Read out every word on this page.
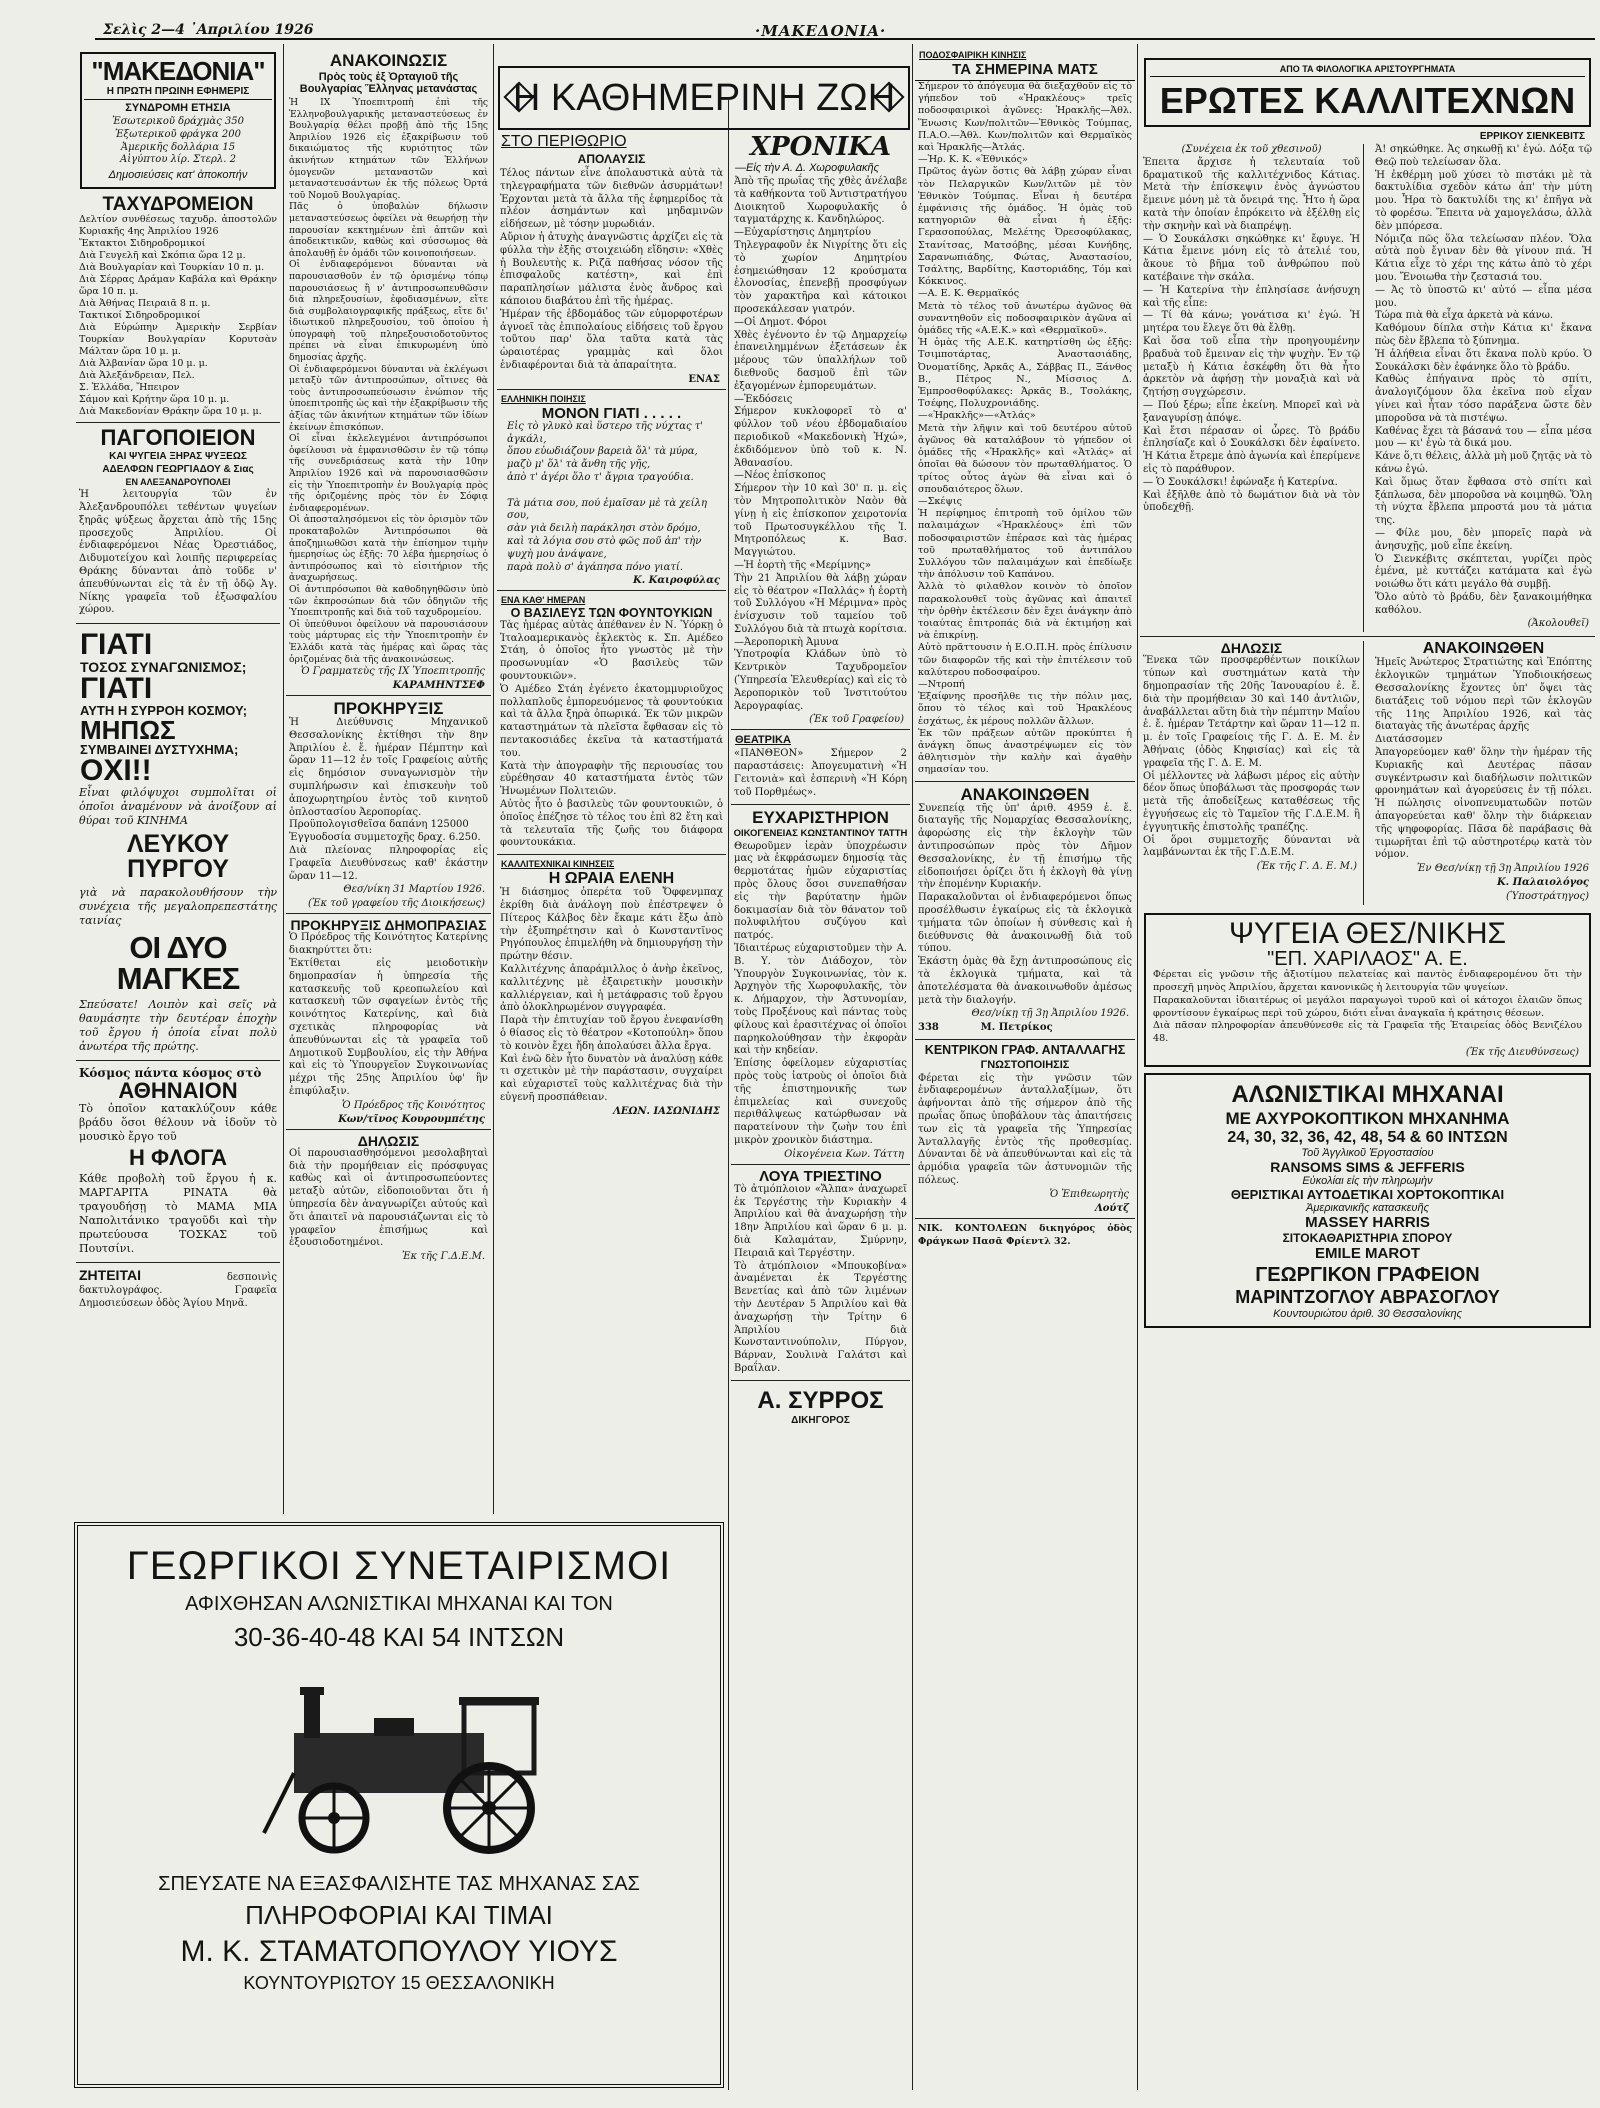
Σελὶς 2—4 ᾿Απριλίου 1926	·ΜΑΚΕΔΟΝΙΑ·

"ΜΑΚΕΔΟΝΙΑ"

Η ΠΡΩΤΗ ΠΡΩΙΝΗ ΕΦΗΜΕΡΙΣ

ΣΥΝΔΡΟΜΗ ΕΤΗΣΙΑ

Ἐσωτερικοῦ δράχμὰς 350
Ἐξωτερικοῦ φράγκα 200
Ἀμερικῆς δολλάρια 15
Αἰγύπτου λίρ. Στερλ. 2

Δημοσιεύσεις κατ' ἀποκοπήν

ΤΑΧΥΔΡΟΜΕΙΟΝ

Δελτίον συνθέσεως ταχυδρ. ἀποστολῶν Κυριακῆς 4ης Ἀπριλίου 1926
Ἔκτακτοι Σιδηροδρομικοί
Διὰ Γευγελῆ καὶ Σκόπια ὥρα 12 μ.
Διὰ Βουλγαρίαν καὶ Τουρκίαν 10 π. μ.
Διὰ Σέρρας Δράμαν Καβάλα καὶ Θράκην ὥρα 10 π. μ.
Διὰ Ἀθήνας Πειραιᾶ 8 π. μ.
Τακτικοί Σιδηροδρομικοί
Διὰ Εὐρώπην Ἀμερικὴν Σερβίαν Τουρκίαν Βουλγαρίαν Κορυτσὰν Μάλταν ὥρα 10 μ. μ.
Διὰ Ἀλβανίαν ὥρα 10 μ. μ.
Διὰ Ἀλεξάνδρειαν, Πελ.
Σ. Ἑλλάδα, Ἤπειρον
Σάμον καὶ Κρήτην ὥρα 10 μ. μ.
Διὰ Μακεδονίαν Θράκην ὥρα 10 μ. μ.

ΠΑΓΟΠΟΙΕΙΟΝ

ΚΑΙ ΨΥΓΕΙΑ ΞΗΡΑΣ ΨΥΞΕΩΣ

ΑΔΕΛΦΩΝ ΓΕΩΡΓΙΑΔΟΥ & Σιας

ΕΝ ΑΛΕΞΑΝΔΡΟΥΠΟΛΕΙ

Ἡ λειτουργία τῶν ἐν Ἀλεξανδρουπόλει τεθέντων ψυγείων ξηρᾶς ψύξεως ἄρχεται ἀπὸ τῆς 15ης προσεχοῦς Ἀπριλίου. Οἱ ἐνδιαφερόμενοι Νέας Ὀρεστιάδος, Διδυμοτείχου καὶ λοιπῆς περιφερείας Θράκης δύνανται ἀπὸ τοῦδε ν' ἀπευθύνωνται εἰς τὰ ἐν τῇ ὁδῷ Ἀγ. Νίκης γραφεῖα τοῦ ἐξωσφαλίου χώρου.

ΓΙΑΤΙ

ΤΟΣΟΣ ΣΥΝΑΓΩΝΙΣΜΟΣ;

ΓΙΑΤΙ

ΑΥΤΗ Η ΣΥΡΡΟΗ ΚΟΣΜΟΥ;

ΜΗΠΩΣ

ΣΥΜΒΑΙΝΕΙ ΔΥΣΤΥΧΗΜΑ;

ΟΧΙ!!

Εἶναι φιλόψυχοι συμπολῖται οἱ ὁποῖοι ἀναμένουν νὰ ἀνοίξουν αἱ θύραι τοῦ ΚΙΝΗΜΑ

ΛΕΥΚΟΥ ΠΥΡΓΟΥ

γιὰ νὰ παρακολουθήσουν τὴν συνέχεια τῆς μεγαλοπρεπεστάτης ταινίας

ΟΙ ΔΥΟ ΜΑΓΚΕΣ

Σπεύσατε! Λοιπὸν καὶ σεῖς νὰ θαυμάσητε τὴν δευτέραν ἐποχὴν τοῦ ἔργου ἡ ὁποία εἶναι πολὺ ἀνωτέρα τῆς πρώτης.

Κόσμος πάντα κόσμος στὸ

ΑΘΗΝΑΙΟΝ

Τὸ ὁποῖον κατακλύζουν κάθε βράδυ ὅσοι θέλουν νὰ ἰδοῦν τὸ μουσικὸ ἔργο τοῦ

Η ΦΛΟΓΑ

Κάθε προβολὴ τοῦ ἔργου ἡ κ. ΜΑΡΓΑΡΙΤΑ ΡΙΝΑΤΑ θὰ τραγουδήσῃ τὸ ΜΑΜΑ ΜΙΑ Ναπολιτάνικο τραγοῦδι καὶ τὴν πρωτεύουσα ΤΟΣΚΑΣ τοῦ Πουτσίνι.

ΖΗΤΕΙΤΑΙ	δεσποινὶς δακτυλογράφος. Γραφεῖα Δημοσιεύσεων ὁδὸς Ἁγίου Μηνᾶ.

ΑΝΑΚΟΙΝΩΣΙΣ

Πρὸς τοὺς ἐξ Ὀρταγιοῦ τῆς Βουλγαρίας Ἕλληνας μετανάστας

Ἡ ΙΧ Ὑποεπιτροπὴ ἐπὶ τῆς Ἑλληνοβουλγαρικῆς μεταναστεύσεως ἐν Βουλγαρίᾳ θέλει προβῇ ἀπὸ τῆς 15ης Ἀπριλίου 1926 εἰς ἐξακρίβωσιν τοῦ δικαιώματος τῆς κυριότητος τῶν ἀκινήτων κτημάτων τῶν Ἑλλήνων ὁμογενῶν μεταναστῶν καὶ μεταναστευσάντων ἐκ τῆς πόλεως Ὀρτά τοῦ Νομοῦ Βουλγαρίας.
Πᾶς ὁ ὑποβαλὼν δήλωσιν μεταναστεύσεως ὀφείλει νὰ θεωρήσῃ τὴν παρουσίαν κεκτημένων ἐπὶ ἀπτῶν καὶ ἀποδεικτικῶν, καθὼς καὶ σύσσωμος θὰ ἀπολαυθῇ ἐν ὁμάδι τῶν κοινοποιήσεων.
Οἱ ἐνδιαφερόμενοι δύνανται νὰ παρουσιασθοῦν ἐν τῷ ὁρισμένῳ τόπῳ παρουσιάσεως ἢ ν' ἀντιπροσωπευθῶσιν διὰ πληρεξουσίων, ἐφοδιασμένων, εἴτε διὰ συμβολαιογραφικῆς πράξεως, εἴτε δι' ἰδιωτικοῦ πληρεξουσίου, τοῦ ὁποίου ἡ ὑπογραφὴ τοῦ πληρεξουσιοδοτοῦντος πρέπει νὰ εἶναι ἐπικυρωμένη ὑπὸ δημοσίας ἀρχῆς.
Οἱ ἐνδιαφερόμενοι δύνανται νὰ ἐκλέγωσι μεταξὺ τῶν ἀντιπροσώπων, οἵτινες θὰ τοὺς ἀντιπροσωπεύσωσιν ἐνώπιον τῆς ὑποεπιτροπῆς ὡς καὶ τὴν ἐξακρίβωσιν τῆς ἀξίας τῶν ἀκινήτων κτημάτων τῶν ἰδίων ἐκείνων ἐπισκόπων.
Οἱ εἶναι ἐκλελεγμένοι ἀντιπρόσωποι ὀφείλουσι νὰ ἐμφανισθῶσιν ἐν τῷ τόπῳ τῆς συνεδριάσεως κατὰ τὴν 10ην Ἀπριλίου 1926 καὶ νὰ παρουσιασθῶσιν εἰς τὴν Ὑποεπιτροπὴν ἐν Βουλγαρίᾳ πρὸς τῆς ὀριζομένης πρὸς τὸν ἐν Σόφιᾳ ἐνδιαφερομένων.
Οἱ ἀποσταλησόμενοι εἰς τὸν ὁρισμὸν τῶν προκαταβολῶν Ἀντιπρόσωποι θὰ ἀποζημιωθῶσι κατὰ τὴν ἐπίσημον τιμὴν ἡμερησίως ὡς ἑξῆς: 70 λέβα ἡμερησίως ὁ ἀντιπρόσωπος καὶ τὸ εἰσιτήριον τῆς ἀναχωρήσεως.
Οἱ ἀντιπρόσωποι θὰ καθοδηγηθῶσιν ὑπὸ τῶν ἐκπροσώπων διὰ τῶν ὁδηγιῶν τῆς Ὑποεπιτροπῆς καὶ διὰ τοῦ ταχυδρομείου.
Οἱ ὑπεύθυνοι ὀφείλουν νὰ παρουσιάσουν τοὺς μάρτυρας εἰς τὴν Ὑποεπιτροπὴν ἐν Ἐλλάδι κατὰ τὰς ἡμέρας καὶ ὥρας τὰς ὁριζομένας διὰ τῆς ἀνακοινώσεως.

Ὁ Γραμματεὺς τῆς ΙΧ Ὑποεπιτροπῆς

ΚΑΡΑΜΗΝΤΣΕΦ

ΠΡΟΚΗΡΥΞΙΣ

Ἡ Διεύθυνσις Μηχανικοῦ Θεσσαλονίκης ἐκτίθησι τὴν 8ην Ἀπριλίου ἐ. ἔ. ἡμέραν Πέμπτην καὶ ὥραν 11—12 ἐν τοῖς Γραφείοις αὐτῆς εἰς δημόσιον συναγωνισμὸν τὴν συμπλήρωσιν καὶ ἐπισκευὴν τοῦ ἀποχωρητηρίου ἐντὸς τοῦ κινητοῦ ὁπλοστασίου Ἀεροπορίας.
Προϋπολογισθεῖσα δαπάνη 125000
Ἐγγυοδοσία συμμετοχῆς δραχ. 6.250.
Διὰ πλείονας πληροφορίας εἰς Γραφεῖα Διευθύνσεως καθ' ἑκάστην ὥραν 11—12.

Θεσ/νίκη 31 Μαρτίου 1926.

(Ἐκ τοῦ γραφείου τῆς Διοικήσεως)

ΠΡΟΚΗΡΥΞΙΣ ΔΗΜΟΠΡΑΣΙΑΣ

Ὁ Πρόεδρος τῆς Κοινότητος Κατερίνης διακηρύττει ὅτι:
Ἐκτίθεται εἰς μειοδοτικὴν δημοπρασίαν ἡ ὑπηρεσία τῆς κατασκευῆς τοῦ κρεοπωλείου καὶ κατασκευὴ τῶν σφαγείων ἐντὸς τῆς κοινότητος Κατερίνης, καὶ διὰ σχετικὰς πληροφορίας νὰ ἀπευθύνωνται εἰς τὰ γραφεῖα τοῦ Δημοτικοῦ Συμβουλίου, εἰς τὴν Ἀθήνα καὶ εἰς τὸ Ὑπουργεῖον Συγκοινωνίας μέχρι τῆς 25ης Ἀπριλίου ὑφ' ἣν ἐπιφύλαξιν.

Ὁ Πρόεδρος τῆς Κοινότητος

Κων/τῖνος Κουρουμπέτης

ΔΗΛΩΣΙΣ

Οἱ παρουσιασθησόμενοι μεσολαβηταὶ διὰ τὴν προμήθειαν εἰς πρόσφυγας καθὼς καὶ οἱ ἀντιπροσωπεύοντες μεταξὺ αὐτῶν, εἰδοποιοῦνται ὅτι ἡ ὑπηρεσία δὲν ἀναγνωρίζει αὐτούς καὶ ὅτι ἀπαιτεῖ νὰ παρουσιάζωνται εἰς τὸ γραφεῖον ἐπισήμως καὶ ἐξουσιοδοτημένοι.

Ἐκ τῆς Γ.Δ.Ε.Μ.

Η ΚΑΘΗΜΕΡΙΝΗ ΖΩΗ

ΣΤΟ ΠΕΡΙΘΩΡΙΟ

ΑΠΟΛΑΥΣΙΣ

Τέλος πάντων εἶνε ἀπολαυστικὰ αὐτὰ τὰ τηλεγραφήματα τῶν διεθνῶν ἀσυρμάτων! Ἐρχονται μετὰ τὰ ἄλλα τῆς ἐφημερίδος τὰ πλέον ἀσημάντων καὶ μηδαμινῶν εἰδήσεων, μὲ τόσην μυρωδιάν.
Αὔριον ἡ ἀτυχὴς ἀναγνῶστις ἀρχίζει εἰς τὰ φύλλα τὴν ἐξῆς στοιχειώδη εἴδησιν: «Χθὲς ἡ Βουλευτὴς κ. Ριζᾶ παθήσας νόσον τῆς ἐπισφαλοῦς κατέστη», καὶ ἐπὶ παραπλησίων μάλιστα ἐνὸς ἄνδρος καὶ κάποιου διαβάτου ἐπὶ τῆς ἡμέρας.
Ἡμέραν τῆς ἑβδομάδος τῶν εὐμορφοτέρων ἀγνοεῖ τὰς ἐπιπολαίους εἰδήσεις τοῦ ἔργου τοῦτου παρ' ὅλα ταῦτα κατὰ τὰς ὡραιοτέρας γραμμὰς καὶ ὅλοι ἐνδιαφέρονται διὰ τὰ ἀπαραίτητα.

ΕΝΑΣ

ΕΛΛΗΝΙΚΗ ΠΟΙΗΣΙΣ

ΜΟΝΟΝ ΓΙΑΤΙ . . . . .

Εἰς τὸ γλυκὸ καὶ ὕστερο τῆς νύχτας τ' ἀγκάλι,
ὅπου εὐωδιάζουν βαρειὰ ὅλ' τὰ μύρα,
μαζὺ μ' ὅλ' τὰ ἄνθη τῆς γῆς,
ἀπὸ τ' ἀγέρι ὅλο τ' ἄγρια τραγούδια.

Τὰ μάτια σου, πού ἐμαῖσαν μὲ τὰ χείλη σου,
σὰν γιὰ δειλὴ παράκλησι στὸν δρόμο,
καὶ τὰ λόγια σου στὸ φῶς ποῦ ἀπ' τὴν ψυχὴ μου ἀνάψανε,
παρὰ πολὺ σ' ἀγάπησα πόνο γιατί.

Κ. Καιροφύλας

ΕΝΑ ΚΑΘ' ΗΜΕΡΑΝ

Ο ΒΑΣΙΛΕΥΣ ΤΩΝ ΦΟΥΝΤΟΥΚΙΩΝ

Τὰς ἡμέρας αὐτὰς ἀπέθανεν ἐν Ν. Ὑόρκῃ ὁ Ἰταλοαμερικανὸς ἐκλεκτὸς κ. Σπ. Αμέδεο Στάη, ὁ ὁποῖος ἦτο γνωστὸς μὲ τὴν προσωνυμίαν «Ὁ βασιλεὺς τῶν φουντουκιῶν».
Ὁ Αμέδεο Στάη ἐγένετο ἑκατομμυριοῦχος πολλαπλοῦς ἐμπορευόμενος τὰ φουντούκια καὶ τὰ ἄλλα ξηρὰ ὀπωρικά. Ἐκ τῶν μικρῶν καταστημάτων τὰ πλεῖστα ἔφθασαν εἰς τὸ πεντακοσιάδες ἐκεῖνα τὰ καταστήματά του.
Κατὰ τὴν ἀπογραφὴν τῆς περιουσίας του εὑρέθησαν 40 καταστήματα ἐντὸς τῶν Ἡνωμένων Πολιτειῶν.
Αὐτὸς ἦτο ὁ βασιλεὺς τῶν φουντουκιῶν, ὁ ὁποῖος ἐπέζησε τὸ τέλος του ἐπὶ 82 ἔτη καὶ τὰ τελευταῖα τῆς ζωῆς του διάφορα φουντουκάκια.

ΚΑΛΛΙΤΕΧΝΙΚΑΙ ΚΙΝΗΣΕΙΣ

Η ΩΡΑΙΑ ΕΛΕΝΗ

Ἡ διάσημος ὀπερέτα τοῦ Ὄφφενμπαχ ἐκρίθη διὰ ἀνάλογη ποὺ ἐπέστρεψεν ὁ Πίτερος Κάλβος δὲν ἔκαμε κάτι ἔξω ἀπὸ τὴν ἐξυπηρέτησιν καὶ ὁ Κωνσταντῖνος Ρηγόπουλος ἐπιμελήθη νὰ δημιουργήσῃ τὴν πρώτην θέσιν.
Καλλιτέχνης ἀπαράμιλλος ὁ ἀνὴρ ἐκεῖνος, καλλιτέχνης μὲ ἐξαιρετικὴν μουσικὴν καλλιέργειαν, καὶ ἡ μετάφρασις τοῦ ἔργου ἀπὸ ὁλοκληρωμένον συγγραφέα.
Παρὰ τὴν ἐπιτυχίαν τοῦ ἔργου ἐνεφανίσθη ὁ θίασος εἰς τὸ θέατρον «Κοτοπούλη» ὅπου τὸ κοινὸν ἔχει ἤδη ἀπολαύσει ἄλλα ἔργα.
Καὶ ἐνῶ δὲν ἦτο δυνατὸν νὰ ἀναλύσῃ κάθε τι σχετικὸν μὲ τὴν παράστασιν, συγχαίρει καὶ εὐχαριστεῖ τοὺς καλλιτέχνας διὰ τὴν εὐγενῆ προσπάθειαν.

ΛΕΩΝ. ΙΑΣΩΝΙΔΗΣ

ΧΡΟΝΙΚΑ

—Εἰς τὴν Α. Δ. Χωροφυλακῆς

Ἀπὸ τῆς πρωΐας τῆς χθὲς ἀνέλαβε τὰ καθήκοντα τοῦ Ἀντιστρατήγου Διοικητοῦ Χωροφυλακῆς ὁ ταγματάρχης κ. Κανδηλώρος.
—Εὐχαρίστησις Δημητρίου
Τηλεγραφοῦν ἐκ Νιγρίτης ὅτι εἰς τὸ χωρίον Δημητρίου ἐσημειώθησαν 12 κρούσματα ἐλονοσίας, ἐπενεβῇ προσφύγων τὸν χαρακτῆρα καὶ κάτοικοι προσεκάλεσαν γιατρόν.
—Οἱ Δημοτ. Φόροι
Χθὲς ἐγένοντο ἐν τῷ Δημαρχείῳ ἐπανειλημμένων ἐξετάσεων ἐκ μέρους τῶν ὑπαλλήλων τοῦ διεθνοῦς δασμοῦ ἐπὶ τῶν ἐξαγομένων ἐμπορευμάτων.
—Ἐκδόσεις
Σήμερον κυκλοφορεῖ τὸ α' φύλλον τοῦ νέου ἑβδομαδιαίου περιοδικοῦ «Μακεδονικὴ Ἠχώ», ἐκδιδόμενον ὑπὸ τοῦ κ. Ν. Ἀθανασίου.
—Νέος ἐπίσκοπος
Σήμερον τὴν 10 καὶ 30' π. μ. εἰς τὸν Μητροπολιτικὸν Ναὸν θὰ γίνῃ ἡ εἰς ἐπίσκοπον χειροτονία τοῦ Πρωτοσυγκέλλου τῆς Ἱ. Μητροπόλεως κ. Βασ. Μαγγιώτου.
—Ἡ ἑορτὴ τῆς «Μερίμνης»
Τὴν 21 Ἀπριλίου θὰ λάβῃ χώραν εἰς τὸ θέατρον «Παλλάς» ἡ ἑορτὴ τοῦ Συλλόγου «Ἡ Μέριμνα» πρὸς ἐνίσχυσιν τοῦ ταμείου τοῦ Συλλόγου διὰ τὰ πτωχὰ κορίτσια.
—Ἀεροπορικὴ Ἀμυνα
Ὑποτροφία Κλάδων ὑπὸ τὸ Κεντρικὸν Ταχυδρομεῖον (Ὑπηρεσία Ἐλευθερίας) καὶ εἰς τὸ Ἀεροπορικὸν τοῦ Ἰνστιτούτου Ἀερογραφίας.

(Ἐκ τοῦ Γραφείου)

ΘΕΑΤΡΙΚΑ

«ΠΑΝΘΕΟΝ» Σήμερον 2 παραστάσεις: Ἀπογευματινὴ «Ἡ Γειτονιὰ» καὶ ἑσπερινὴ «Ἡ Κόρη τοῦ Πορθμέως».

ΕΥΧΑΡΙΣΤΗΡΙΟΝ

ΟΙΚΟΓΕΝΕΙΑΣ ΚΩΝΣΤΑΝΤΙΝΟΥ ΤΑΤΤΗ

Θεωροῦμεν ἱερὰν ὑποχρέωσιν μας νὰ ἐκφράσωμεν δημοσίᾳ τὰς θερμοτάτας ἡμῶν εὐχαριστίας πρὸς ὅλους ὅσοι συνεπαθήσαν εἰς τὴν βαρύτατην ἡμῶν δοκιμασίαν διὰ τὸν θάνατον τοῦ πολυφιλήτου συζύγου καὶ πατρός.
Ἰδιαιτέρως εὐχαριστοῦμεν τὴν Α. Β. Υ. τὸν Διάδοχον, τὸν Ὑπουργὸν Συγκοινωνίας, τὸν κ. Ἀρχηγὸν τῆς Χωροφυλακῆς, τὸν κ. Δήμαρχον, τὴν Ἀστυνομίαν, τοὺς Προξένους καὶ πάντας τοὺς φίλους καὶ ἐρασιτέχνας οἱ ὁποῖοι παρηκολούθησαν τὴν ἐκφορὰν καὶ τὴν κηδείαν.
Ἐπίσης ὀφείλομεν εὐχαριστίας πρὸς τοὺς ἰατροὺς οἱ ὁποῖοι διὰ τῆς ἐπιστημονικῆς των ἐπιμελείας καὶ συνεχοῦς περιθάλψεως κατώρθωσαν νὰ παρατείνουν τὴν ζωὴν του ἐπὶ μικρὸν χρονικὸν διάστημα.

Οἰκογένεια Κων. Τάττη

ΛΟΥΑ ΤΡΙΕΣΤΙΝΟ

Τὸ ἀτμόπλοιον «Ἄλπα» ἀναχωρεῖ ἐκ Τεργέστης τὴν Κυριακὴν 4 Ἀπριλίου καὶ θὰ ἀναχωρήσῃ τὴν 18ην Ἀπριλίου καὶ ὥραν 6 μ. μ. διὰ Καλαμάταν, Σμύρνην, Πειραιᾶ καὶ Τεργέστην.
Τὸ ἀτμόπλοιον «Μπουκοβίνα» ἀναμένεται ἐκ Τεργέστης Βενετίας καὶ ἀπὸ τῶν λιμένων τὴν Δευτέραν 5 Ἀπριλίου καὶ θὰ ἀναχωρήσῃ τὴν Τρίτην 6 Ἀπριλίου διὰ Κωνσταντινούπολιν, Πύργον, Βάρναν, Σουλινὰ Γαλάτσι καὶ Βραΐλαν.

Α. ΣΥΡΡΟΣ

ΔΙΚΗΓΟΡΟΣ

ΠΟΔΟΣΦΑΙΡΙΚΗ ΚΙΝΗΣΙΣ

ΤΑ ΣΗΜΕΡΙΝΑ ΜΑΤΣ

Σήμερον τὸ ἀπόγευμα θὰ διεξαχθοῦν εἰς τὸ γήπεδον τοῦ «Ἡρακλέους» τρεῖς ποδοσφαιρικοὶ ἀγῶνες: Ἡρακλῆς—Ἀθλ. Ἕνωσις Κων/πολιτῶν—Ἐθνικὸς Τούμπας, Π.Α.Ο.—Ἀθλ. Κων/πολιτῶν καὶ Θερμαϊκὸς καὶ Ἡρακλῆς—Ἀτλάς.
—Ἡρ. Κ. Κ. «Ἐθνικός»
Πρῶτος ἀγὼν ὅστις θὰ λάβῃ χώραν εἶναι τὸν Πελαργικῶν Κων/λιτῶν μὲ τὸν Ἐθνικὸν Τούμπας. Εἶναι ἡ δευτέρα ἐμφάνισις τῆς ὁμάδος. Ἡ ὁμὰς τοῦ κατηγοριῶν θὰ εἶναι ἡ ἑξῆς: Γερασοπούλας, Μελέτης Ὀρεσοφύλακας, Στανίτσας, Ματσόβης, μέσαι Κυνήδης, Σαρανωπιάδης, Φώτας, Ἀναστασίου, Τσάλτης, Βαρδίτης, Καστοριάδης, Τόμ καὶ Κόκκινος.
—Α. Ε. Κ. Θερμαϊκός
Μετὰ τὸ τέλος τοῦ ἀνωτέρω ἀγῶνος θὰ συναντηθοῦν εἰς ποδοσφαιρικὸν ἀγῶνα αἱ ὁμάδες τῆς «Α.Ε.Κ.» καὶ «Θερμαϊκοῦ».
Ἡ ὁμὰς τῆς Α.Ε.Κ. κατηρτίσθη ὡς ἑξῆς: Τσιμποτάρτας, Ἀναστασιάδης, Ὀνοματίδης, Ἀρκᾶς Α., Σάββας Π., Ξάνθος Β., Πέτρος Ν., Μίσσιος Δ. Ἐμπροσθοφύλακες: Ἀρκᾶς Β., Τσολάκης, Τσέφης, Πολυχρονιάδης.
—«Ἡρακλῆς»—«Ἀτλάς»
Μετὰ τὴν λῆψιν καὶ τοῦ δευτέρου αὐτοῦ ἀγῶνος θὰ καταλάβουν τὸ γήπεδον οἱ ὁμάδες τῆς «Ἡρακλῆς» καὶ «Ἀτλάς» αἱ ὁποῖαι θὰ δώσουν τὸν πρωταθλήματος. Ὁ τρίτος οὗτος ἀγὼν θὰ εἶναι καὶ ὁ σπουδαιότερος ὅλων.
—Σκέψις
Ἡ περίφημος ἐπιτροπὴ τοῦ ὁμίλου τῶν παλαιμάχων «Ἡρακλέους» ἐπὶ τῶν ποδοσφαιριστῶν ἐπέρασε καὶ τὰς ἡμέρας τοῦ πρωταθλήματος τοῦ ἀντιπάλου Συλλόγου τῶν παλαιμάχων καὶ ἐπεδίωξε τὴν ἀπόλυσιν τοῦ Καπάνου.
Ἀλλὰ τὸ φιλαθλον κοινὸν τὸ ὁποῖον παρακολουθεῖ τοὺς ἀγῶνας καὶ ἀπαιτεῖ τὴν ὀρθὴν ἐκτέλεσιν δὲν ἔχει ἀνάγκην ἀπὸ τοιαύτας ἐπιτροπάς διὰ νὰ ἐκτιμήσῃ καὶ νὰ ἐπικρίνῃ.
Αὐτὸ πρᾶττουσιν ἡ Ε.Ο.Π.Η. πρὸς ἐπίλυσιν τῶν διαφορῶν τῆς καὶ τὴν ἐπιτέλεσιν τοῦ καλύτερου ποδοσφαίρου.
—Ντροπή
Ἐξαίφνης προσῆλθε τις τὴν πόλιν μας, ὅπου τὸ τέλος καὶ τοῦ Ἡρακλέους ἐσχάτως, ἐκ μέρους πολλῶν ἄλλων.
Ἐκ τῶν πράξεων αὐτῶν προκύπτει ἡ ἀνάγκη ὅπως ἀναστρέψωμεν εἰς τὸν ἀθλητισμὸν τὴν καλὴν καὶ ἀγαθὴν σημασίαν του.

ΑΝΑΚΟΙΝΩΘΕΝ

Συνεπείᾳ τῆς ὑπ' ἀριθ. 4959 ἐ. ἔ. διαταγῆς τῆς Νομαρχίας Θεσσαλονίκης, ἀφορώσης εἰς τὴν ἐκλογὴν τῶν ἀντιπροσώπων πρὸς τὸν Δῆμον Θεσσαλονίκης, ἐν τῇ ἐπισήμῳ τῆς εἰδοποιήσει ὁρίζει ὅτι ἡ ἐκλογὴ θὰ γίνῃ τὴν ἐπομένην Κυριακήν.
Παρακαλοῦνται οἱ ἐνδιαφερόμενοι ὅπως προσέλθωσιν ἐγκαίρως εἰς τὰ ἐκλογικὰ τμήματα τῶν ὁποίων ἡ σύνθεσις καὶ ἡ διεύθυνσις θὰ ἀνακοινωθῇ διὰ τοῦ τύπου.
Ἑκάστη ὁμὰς θὰ ἔχῃ ἀντιπροσώπους εἰς τὰ ἐκλογικὰ τμήματα, καὶ τὰ ἀποτελέσματα θὰ ἀνακοινωθοῦν ἀμέσως μετὰ τὴν διαλογήν.

Θεσ/νίκῃ τῇ 3ῃ Ἀπριλίου 1926.

338	Μ. Πετρίκος

ΚΕΝΤΡΙΚΟΝ ΓΡΑΦ. ΑΝΤΑΛΛΑΓΗΣ

ΓΝΩΣΤΟΠΟΙΗΣΙΣ

Φέρεται εἰς τὴν γνῶσιν τῶν ἐνδιαφερομένων ἀνταλλαξίμων, ὅτι ἀφήνονται ἀπὸ τῆς σήμερον ἀπὸ τῆς πρωΐας ὅπως ὑποβάλουν τὰς ἀπαιτήσεις των εἰς τὰ γραφεῖα τῆς Ὑπηρεσίας Ἀνταλλαγῆς ἐντὸς τῆς προθεσμίας. Δύνανται δὲ νὰ ἀπευθύνωνται καὶ εἰς τὰ ἁρμόδια γραφεῖα τῶν ἀστυνομιῶν τῆς πόλεως.

Ὁ Ἐπιθεωρητὴς

Λούτζ

ΝΙΚ. ΚΟΝΤΟΛΕΩΝ δικηγόρος ὁδὸς Φράγκων Πασᾶ Φρίεντλ 32.

ΑΠΟ ΤΑ ΦΙΛΟΛΟΓΙΚΑ ΑΡΙΣΤΟΥΡΓΗΜΑΤΑ

ΕΡΩΤΕΣ ΚΑΛΛΙΤΕΧΝΩΝ

ΕΡΡΙΚΟΥ ΣΙΕΝΚΕΒΙΤΣ

(Συνέχεια ἐκ τοῦ χθεσινοῦ)

Ἐπειτα ἄρχισε ἡ τελευταία τοῦ δραματικοῦ τῆς καλλιτέχνιδος Κάτιας. Μετὰ τὴν ἐπίσκεψιν ἐνὸς ἀγνώστου ἔμεινε μόνη μὲ τὰ ὄνειρά της. Ἦτο ἡ ὥρα κατὰ τὴν ὁποίαν ἐπρόκειτο νὰ ἐξέλθῃ εἰς τὴν σκηνὴν καὶ νὰ διαπρέψῃ.
— Ὁ Σουκάλσκι σηκώθηκε κι' ἔφυγε. Ἡ Κάτια ἔμεινε μόνη εἰς τὸ ἀτελιέ του, ἄκουε τὸ βῆμα τοῦ ἀνθρώπου ποὺ κατέβαινε τὴν σκάλα.
— Ἡ Κατερίνα τὴν ἐπλησίασε ἀνήσυχη καὶ τῆς εἶπε:
— Τί θὰ κάνω; γονάτισα κι' ἐγώ. Ἡ μητέρα του ἔλεγε ὅτι θὰ ἔλθῃ.
Καὶ ὅσα τοῦ εἶπα τὴν προηγουμένην βραδυὰ τοῦ ἔμειναν εἰς τὴν ψυχὴν. Ἐν τῷ μεταξὺ ἡ Κάτια ἐσκέφθη ὅτι θὰ ἦτο ἀρκετὸν νὰ ἀφήσῃ τὴν μοναξιὰ καὶ νὰ ζητήσῃ συγχώρεσιν.
— Πού ξέρω; εἶπε ἐκείνη. Μπορεῖ καὶ νὰ ξαναγυρίσῃ ἀπόψε.
Καὶ ἔτσι πέρασαν οἱ ὧρες. Τὸ βράδυ ἐπλησίαζε καὶ ὁ Σουκάλσκι δὲν ἐφαίνετο. Ἡ Κάτια ἔτρεμε ἀπὸ ἀγωνία καὶ ἐπερίμενε εἰς τὸ παράθυρον.
— Ὁ Σουκάλσκι! ἐφώναξε ἡ Κατερίνα.
Καὶ ἐξῆλθε ἀπὸ τὸ δωμάτιον διὰ νὰ τὸν ὑποδεχθῇ.

Ἀ! σηκώθηκε. Ἀς σηκωθῇ κι' ἐγώ. Δόξα τῷ Θεῷ ποὺ τελείωσαν ὅλα.
Ἡ ἐκθέρμη μοῦ χύσει τὸ πιστάκι μὲ τὰ δακτυλίδια σχεδὸν κάτω ἀπ' τὴν μύτη μου. Ἦρα τὸ δακτυλίδι της κι' ἐπῆγα νὰ τὸ φορέσω. Ἔπειτα νὰ χαμογελάσω, ἀλλὰ δὲν μπόρεσα.
Νόμιζα πῶς ὅλα τελείωσαν πλέον. Ὅλα αὐτὰ ποὺ ἔγιναν δὲν θὰ γίνουν πιά. Ἡ Κάτια εἶχε τὸ χέρι της κάτω ἀπὸ τὸ χέρι μου. Ἔνοιωθα τὴν ζεστασιά του.
— Ἀς τὸ ὑποστῶ κι' αὐτό — εἶπα μέσα μου.
Τώρα πιὰ θὰ εἶχα ἀρκετὰ νὰ κάνω.
Καθόμουν δίπλα στὴν Κάτια κι' ἔκανα πὼς δὲν ἔβλεπα τὸ ξύπνημα.
Ἡ ἀλήθεια εἶναι ὅτι ἔκανα πολὺ κρύο. Ὁ Σουκάλσκι δὲν ἐφάνηκε ὅλο τὸ βράδυ.
Καθὼς ἐπήγαινα πρὸς τὸ σπίτι, ἀναλογιζόμουν ὅλα ἐκεῖνα ποὺ εἶχαν γίνει καὶ ἦταν τόσο παράξενα ὥστε δὲν μποροῦσα νὰ τὰ πιστέψω.
Καθένας ἔχει τὰ βάσανά του — εἶπα μέσα μου — κι' ἐγὼ τὰ δικά μου.
Κάνε ὅ,τι θέλεις, ἀλλὰ μὴ μοῦ ζητᾷς νὰ τὸ κάνω ἐγώ.
Καὶ ὅμως ὅταν ἔφθασα στὸ σπίτι καὶ ξάπλωσα, δὲν μποροῦσα νὰ κοιμηθῶ. Ὅλη τὴ νύχτα ἔβλεπα μπροστά μου τὰ μάτια της.
— Φίλε μου, δὲν μπορεῖς παρὰ νὰ ἀνησυχῇς, μοῦ εἶπε ἐκείνη.
Ὁ Σιενκέβιτς σκέπτεται, γυρίζει πρὸς ἐμένα, μὲ κυττάζει κατάματα καὶ ἐγὼ νοιώθω ὅτι κάτι μεγάλο θὰ συμβῇ.
Ὅλο αὐτὸ τὸ βράδυ, δὲν ξανακοιμήθηκα καθόλου.

(Ἀκολουθεῖ)

ΔΗΛΩΣΙΣ

Ἕνεκα τῶν προσφερθέντων ποικίλων τύπων καὶ συστημάτων κατὰ τὴν δημοπρασίαν τῆς 20ῆς Ἰανουαρίου ἐ. ἔ. διὰ τὴν προμήθειαν 30 καὶ 140 ἀντλιῶν, ἀναβάλλεται αὕτη διὰ τὴν πέμπτην Μαΐου ἐ. ἔ. ἡμέραν Τετάρτην καὶ ὥραν 11—12 π. μ. ἐν τοῖς Γραφείοις τῆς Γ. Δ. Ε. Μ. ἐν Ἀθήναις (ὁδὸς Κηφισίας) καὶ εἰς τὰ γραφεῖα τῆς Γ. Δ. Ε. Μ.
Οἱ μέλλοντες νὰ λάβωσι μέρος εἰς αὐτὴν δέον ὅπως ὑποβάλωσι τὰς προσφοράς των μετὰ τῆς ἀποδείξεως καταθέσεως τῆς ἐγγυήσεως εἰς τὸ Ταμεῖον τῆς Γ.Δ.Ε.Μ. ἢ ἐγγυητικῆς ἐπιστολῆς τραπέζης.
Οἱ ὅροι συμμετοχῆς δύνανται νὰ λαμβάνωνται ἐκ τῆς Γ.Δ.Ε.Μ.

(Ἐκ τῆς Γ. Δ. Ε. Μ.)

ΑΝΑΚΟΙΝΩΘΕΝ

Ἡμεῖς Ἀνώτερος Στρατιώτης καὶ Ἐπόπτης ἐκλογικῶν τμημάτων Ὑποδιοικήσεως Θεσσαλονίκης ἔχοντες ὑπ' ὄψει τὰς διατάξεις τοῦ νόμου περὶ τῶν ἐκλογῶν τῆς 11ης Ἀπριλίου 1926, καὶ τὰς διαταγὰς τῆς ἀνωτέρας ἀρχῆς
Διατάσσομεν
Ἀπαγορεύομεν καθ' ὅλην τὴν ἡμέραν τῆς Κυριακῆς καὶ Δευτέρας πᾶσαν συγκέντρωσιν καὶ διαδήλωσιν πολιτικῶν φρονημάτων καὶ ἀγορεύσεις ἐν τῇ πόλει. Ἡ πώλησις οἰνοπνευματωδῶν ποτῶν ἀπαγορεύεται καθ' ὅλην τὴν διάρκειαν τῆς ψηφοφορίας. Πᾶσα δὲ παράβασις θὰ τιμωρῆται ἐπὶ τῷ αὐστηροτέρῳ κατὰ τὸν νόμον.

Ἐν Θεσ/νίκῃ τῇ 3ῃ Ἀπριλίου 1926

Κ. Παλαιολόγος

(Ὑποστράτηγος)

ΨΥΓΕΙΑ ΘΕΣ/ΝΙΚΗΣ

"ΕΠ. ΧΑΡΙΛΑΟΣ" Α. Ε.

Φέρεται εἰς γνῶσιν τῆς ἀξιοτίμου πελατείας καὶ παντὸς ἐνδιαφερομένου ὅτι τὴν προσεχῆ μηνὸς Ἀπριλίου, ἄρχεται κανονικῶς ἡ λειτουργία τῶν ψυγείων.
Παρακαλοῦνται ἰδιαιτέρως οἱ μεγάλοι παραγωγοὶ τυροῦ καὶ οἱ κάτοχοι ἐλαιῶν ὅπως φροντίσουν ἐγκαίρως περὶ τοῦ χώρου, διότι εἶναι ἀναγκαῖα ἡ κράτησις θέσεων.
Διὰ πᾶσαν πληροφορίαν ἀπευθύνεσθε εἰς τὰ Γραφεῖα τῆς Ἑταιρείας ὁδὸς Βενιζέλου 48.

(Ἐκ τῆς Διευθύνσεως)

ΑΛΩΝΙΣΤΙΚΑΙ ΜΗΧΑΝΑΙ

ΜΕ ΑΧΥΡΟΚΟΠΤΙΚΟΝ ΜΗΧΑΝΗΜΑ

24, 30, 32, 36, 42, 48, 54 & 60 ΙΝΤΣΩΝ

Τοῦ Ἀγγλικοῦ Ἐργοστασίου

RANSOMS SIMS & JEFFERIS

Εὐκολίαι εἰς τὴν πληρωμὴν

ΘΕΡΙΣΤΙΚΑΙ ΑΥΤΟΔΕΤΙΚΑΙ ΧΟΡΤΟΚΟΠΤΙΚΑΙ

Ἀμερικανικῆς κατασκευῆς

MASSEY HARRIS

ΣΙΤΟΚΑΘΑΡΙΣΤΗΡΙΑ ΣΠΟΡΟΥ

EMILE MAROT

ΓΕΩΡΓΙΚΟΝ ΓΡΑΦΕΙΟΝ

ΜΑΡΙΝΤΖΟΓΛΟΥ ΑΒΡΑΣΟΓΛΟΥ

Κουντουριώτου ἀριθ. 30 Θεσσαλονίκης

ΓΕΩΡΓΙΚΟΙ ΣΥΝΕΤΑΙΡΙΣΜΟΙ

ΑΦΙΧΘΗΣΑΝ ΑΛΩΝΙΣΤΙΚΑΙ ΜΗΧΑΝΑΙ ΚΑΙ ΤΟΝ

30-36-40-48 ΚΑΙ 54 ΙΝΤΣΩΝ

ΣΠΕΥΣΑΤΕ ΝΑ ΕΞΑΣΦΑΛΙΣΗΤΕ ΤΑΣ ΜΗΧΑΝΑΣ ΣΑΣ

ΠΛΗΡΟΦΟΡΙΑΙ ΚΑΙ ΤΙΜΑΙ

Μ. Κ. ΣΤΑΜΑΤΟΠΟΥΛΟΥ ΥΙΟΥΣ

ΚΟΥΝΤΟΥΡΙΩΤΟΥ 15 ΘΕΣΣΑΛΟΝΙΚΗ
